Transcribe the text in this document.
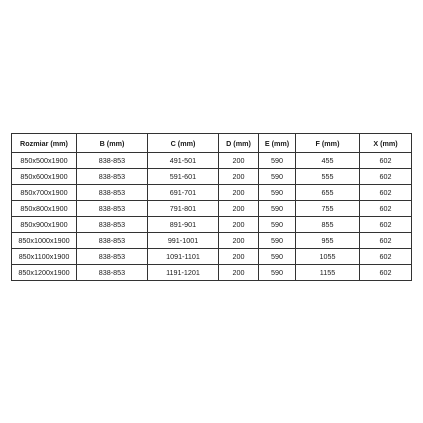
Rozmiar (mm)	B (mm)	C (mm)	D (mm)	E (mm)	F (mm)	X (mm)
850x500x1900	838-853	491-501	200	590	455	602
850x600x1900	838-853	591-601	200	590	555	602
850x700x1900	838-853	691-701	200	590	655	602
850x800x1900	838-853	791-801	200	590	755	602
850x900x1900	838-853	891-901	200	590	855	602
850x1000x1900	838-853	991-1001	200	590	955	602
850x1100x1900	838-853	1091-1101	200	590	1055	602
850x1200x1900	838-853	1191-1201	200	590	1155	602
